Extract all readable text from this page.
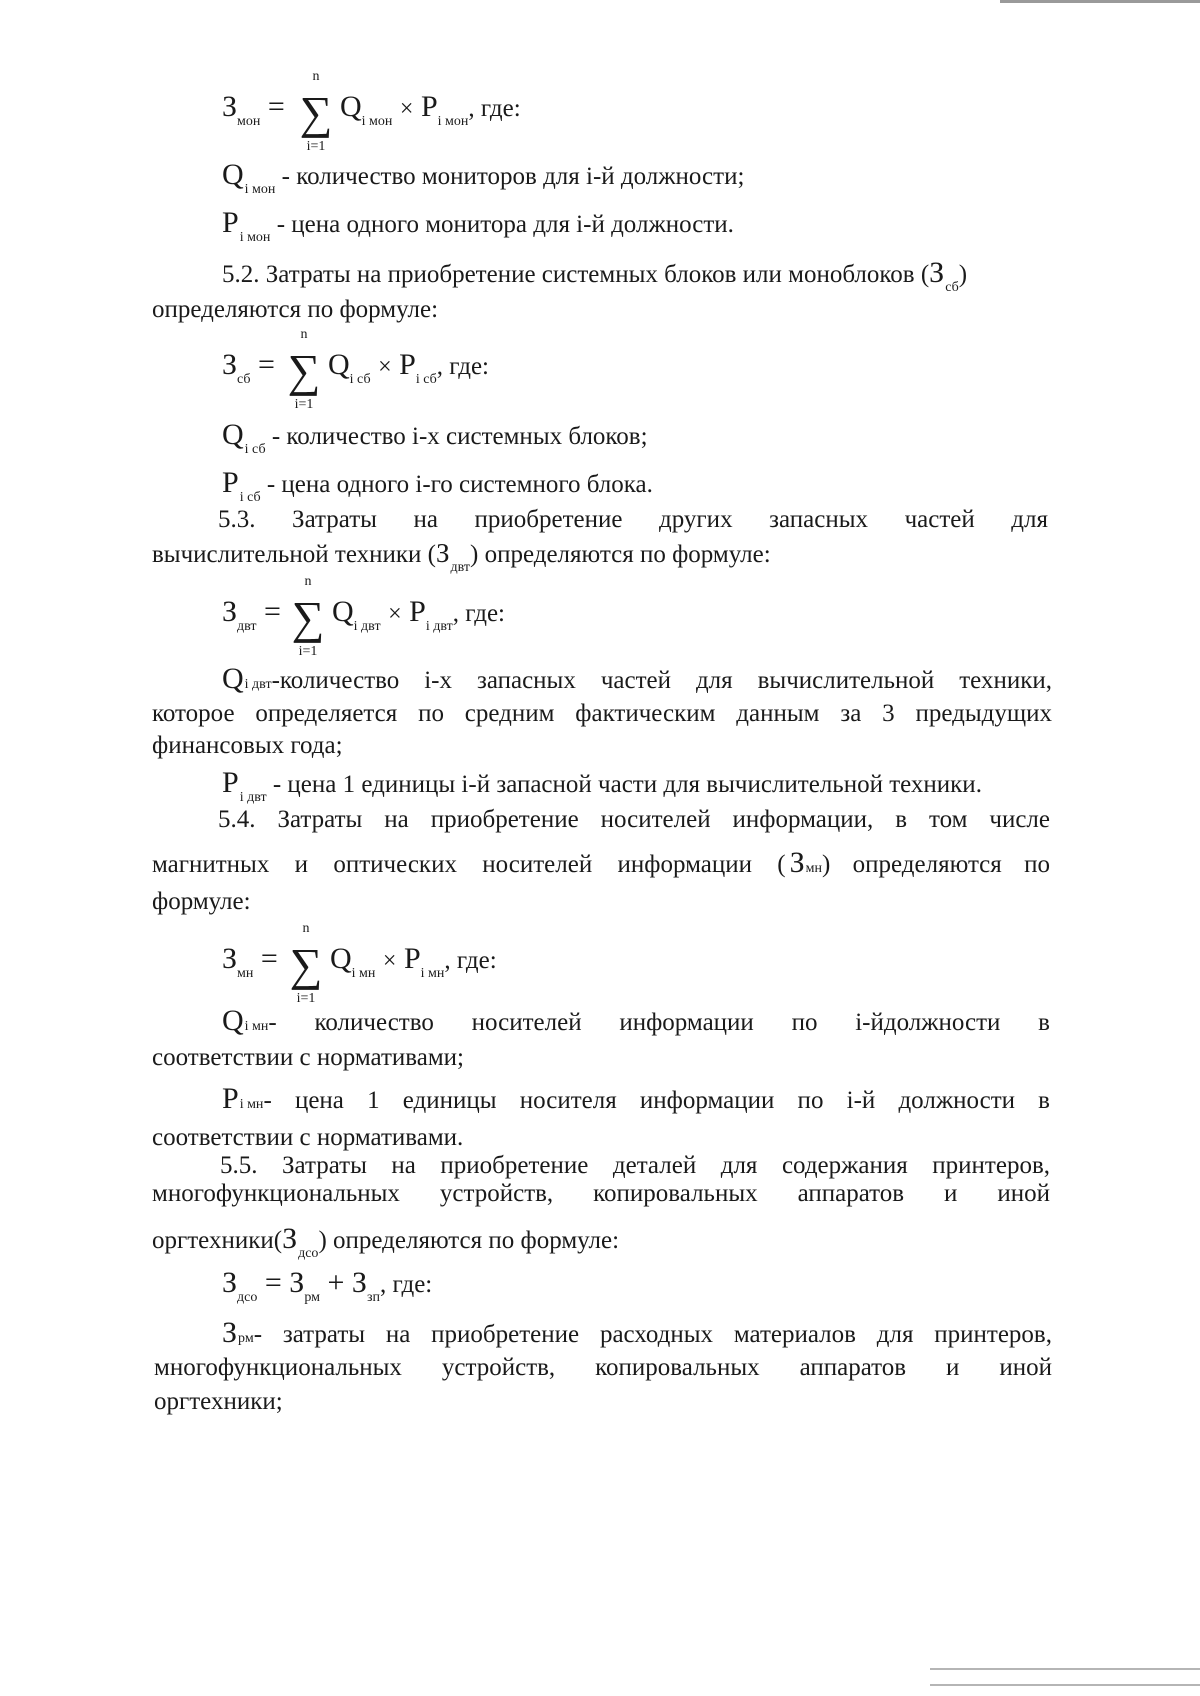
$З_{мон}$ =
n
∑
i=1
$Q_{i мон} \times P_{i мон}$, где:
$Q_{i мон}$ - количество мониторов для i-й должности;
$P_{i мон}$ - цена одного монитора для i-й должности.
5.2. Затраты на приобретение системных блоков или моноблоков $(З_{сб})$
определяются по формуле:
$З_{сб}$ =
n
∑
i=1
$Q_{i сб} \times P_{i сб}$, где:
$Q_{i сб}$ - количество i-х системных блоков;
$P_{i сб}$ - цена одного i-го системного блока.
5.3. Затраты на приобретение других запасных частей для
вычислительной техники $(З_{двт})$ определяются по формуле:
$З_{двт}$ =
n
∑
i=1
$Q_{i двт} \times P_{i двт}$, где:
Q i двт -количество i-х запасных частей для вычислительной техники,
которое определяется по средним фактическим данным за 3 предыдущих
финансовых года;
$P_{i двт}$ - цена 1 единицы i-й запасной части для вычислительной техники.
5.4. Затраты на приобретение носителей информации, в том числе
магнитных и оптических носителей информации ( З мн ) определяются по
формуле:
$З_{мн}$ =
n
∑
i=1
$Q_{i мн} \times P_{i мн}$, где:
Q i мн - количество носителей информации по i-йдолжности в
соответствии с нормативами;
P i мн - цена 1 единицы носителя информации по i-й должности в
соответствии с нормативами.
5.5. Затраты на приобретение деталей для содержания принтеров,
многофункциональных устройств, копировальных аппаратов и иной
$оргтехники(З_{дсо})$ определяются по формуле:
$З_{дсо} = З_{рм} + З_{зп}$, где:
З рм - затраты на приобретение расходных материалов для принтеров,
многофункциональных устройств, копировальных аппаратов и иной
оргтехники;
